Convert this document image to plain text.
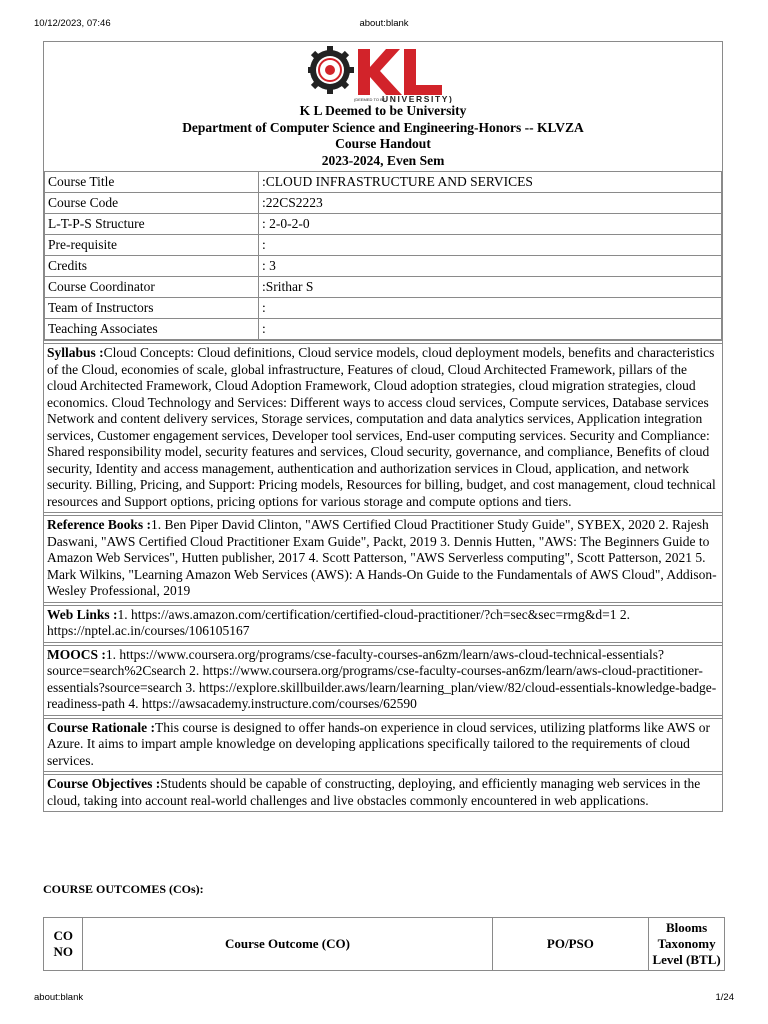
10/12/2023, 07:46	about:blank
(DEEMED TO BE
UNIVERSITY)
K L Deemed to be University
Department of Computer Science and Engineering-Honors -- KLVZA
Course Handout
2023-2024, Even Sem
Course Title	:CLOUD INFRASTRUCTURE AND SERVICES
Course Code	:22CS2223
L-T-P-S Structure	: 2-0-2-0
Pre-requisite	:
Credits	: 3
Course Coordinator	:Srithar S
Team of Instructors	:
Teaching Associates	:
Syllabus :Cloud Concepts: Cloud definitions, Cloud service models, cloud deployment models, benefits and characteristics of the Cloud, economies of scale, global infrastructure, Features of cloud, Cloud Architected Framework, pillars of the cloud Architected Framework, Cloud Adoption Framework, Cloud adoption strategies, cloud migration strategies, cloud economics. Cloud Technology and Services: Different ways to access cloud services, Compute services, Database services Network and content delivery services, Storage services, computation and data analytics services, Application integration services, Customer engagement services, Developer tool services, End-user computing services. Security and Compliance: Shared responsibility model, security features and services, Cloud security, governance, and compliance, Benefits of cloud security, Identity and access management, authentication and authorization services in Cloud, application, and network security. Billing, Pricing, and Support: Pricing models, Resources for billing, budget, and cost management, cloud technical resources and Support options, pricing options for various storage and compute options and tiers.
Reference Books :1. Ben Piper David Clinton, "AWS Certified Cloud Practitioner Study Guide", SYBEX, 2020 2. Rajesh Daswani, "AWS Certified Cloud Practitioner Exam Guide", Packt, 2019 3. Dennis Hutten, "AWS: The Beginners Guide to Amazon Web Services", Hutten publisher, 2017 4. Scott Patterson, "AWS Serverless computing", Scott Patterson, 2021 5. Mark Wilkins, "Learning Amazon Web Services (AWS): A Hands-On Guide to the Fundamentals of AWS Cloud", Addison-Wesley Professional, 2019
Web Links :1. https://aws.amazon.com/certification/certified-cloud-practitioner/?ch=sec&sec=rmg&d=1 2. https://nptel.ac.in/courses/106105167
MOOCS :1. https://www.coursera.org/programs/cse-faculty-courses-an6zm/learn/aws-cloud-technical-essentials?source=search%2Csearch 2. https://www.coursera.org/programs/cse-faculty-courses-an6zm/learn/aws-cloud-practitioner-essentials?source=search 3. https://explore.skillbuilder.aws/learn/learning_plan/view/82/cloud-essentials-knowledge-badge-readiness-path 4. https://awsacademy.instructure.com/courses/62590
Course Rationale :This course is designed to offer hands-on experience in cloud services, utilizing platforms like AWS or Azure. It aims to impart ample knowledge on developing applications specifically tailored to the requirements of cloud services.
Course Objectives :Students should be capable of constructing, deploying, and efficiently managing web services in the cloud, taking into account real-world challenges and live obstacles commonly encountered in web applications.
COURSE OUTCOMES (COs):
CO NO	Course Outcome (CO)	PO/PSO	Blooms Taxonomy Level (BTL)
about:blank	1/24
